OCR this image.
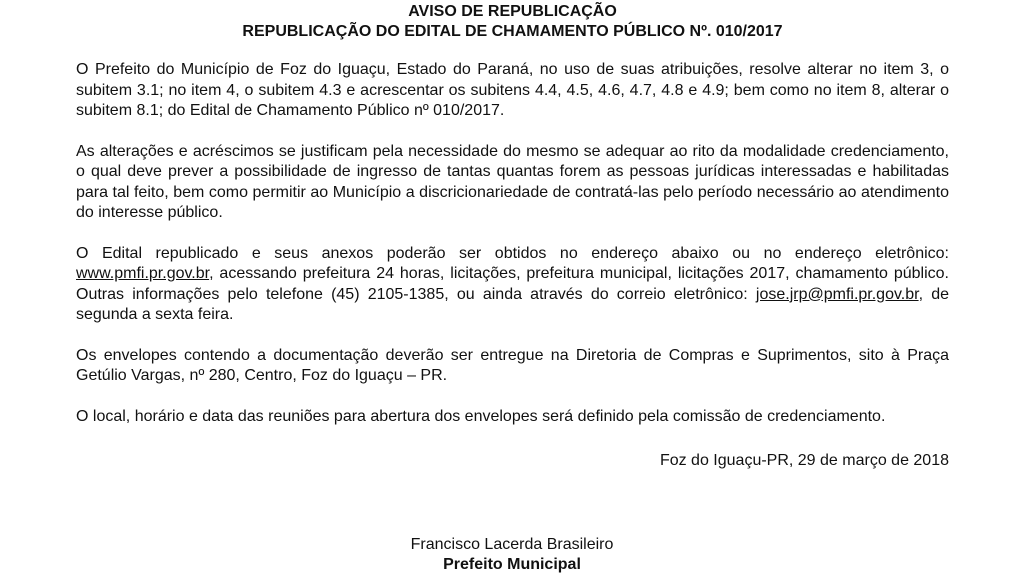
AVISO DE REPUBLICAÇÃO

REPUBLICAÇÃO DO EDITAL DE CHAMAMENTO PÚBLICO Nº. 010/2017

O Prefeito do Município de Foz do Iguaçu, Estado do Paraná, no uso de suas atribuições, resolve alterar no item 3, o subitem 3.1; no item 4, o subitem 4.3 e acrescentar os subitens 4.4, 4.5, 4.6, 4.7, 4.8 e 4.9; bem como no item 8, alterar o subitem 8.1; do Edital de Chamamento Público nº 010/2017.

As alterações e acréscimos se justificam pela necessidade do mesmo se adequar ao rito da modalidade credenciamento, o qual deve prever a possibilidade de ingresso de tantas quantas forem as pessoas jurídicas interessadas e habilitadas para tal feito, bem como permitir ao Município a discricionariedade de contratá-las pelo período necessário ao atendimento do interesse público.

O Edital republicado e seus anexos poderão ser obtidos no endereço abaixo ou no endereço eletrônico: www.pmfi.pr.gov.br, acessando prefeitura 24 horas, licitações, prefeitura municipal, licitações 2017, chamamento público. Outras informações pelo telefone (45) 2105-1385, ou ainda através do correio eletrônico: jose.jrp@pmfi.pr.gov.br, de segunda a sexta feira.

Os envelopes contendo a documentação deverão ser entregue na Diretoria de Compras e Suprimentos, sito à Praça Getúlio Vargas, nº 280, Centro, Foz do Iguaçu – PR.

O local, horário e data das reuniões para abertura dos envelopes será definido pela comissão de credenciamento.

Foz do Iguaçu-PR, 29 de março de 2018

Francisco Lacerda Brasileiro
Prefeito Municipal
